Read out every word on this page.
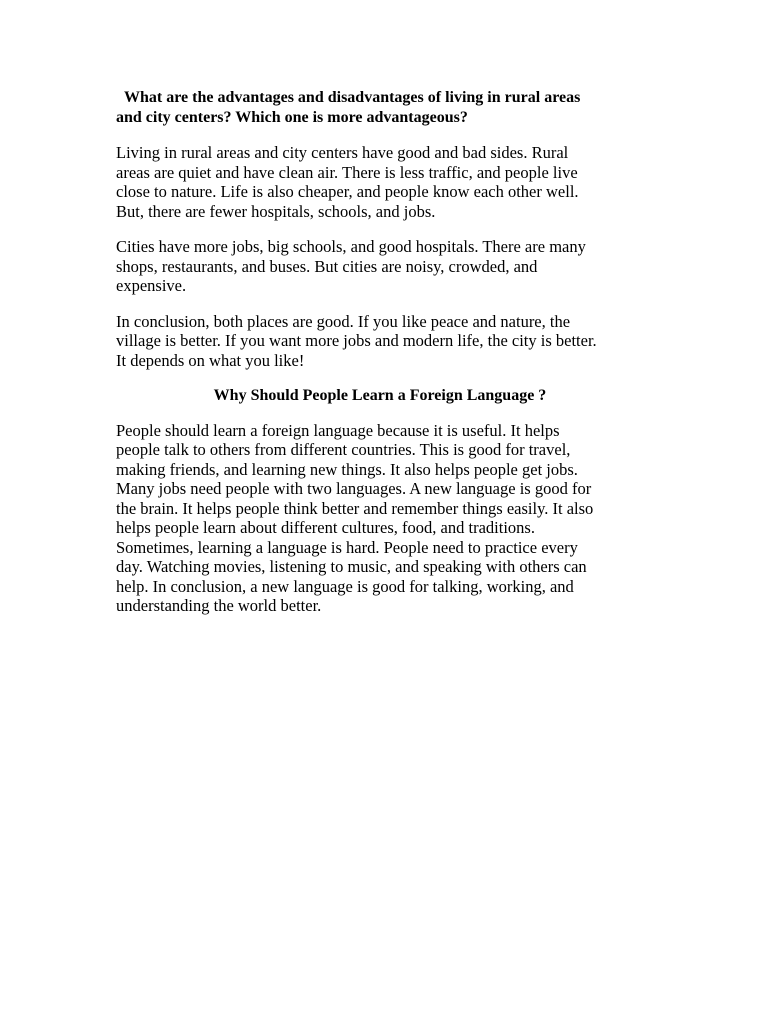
What are the advantages and disadvantages of living in rural areas
and city centers? Which one is more advantageous?

Living in rural areas and city centers have good and bad sides. Rural
areas are quiet and have clean air. There is less traffic, and people live
close to nature. Life is also cheaper, and people know each other well.
But, there are fewer hospitals, schools, and jobs.

Cities have more jobs, big schools, and good hospitals. There are many
shops, restaurants, and buses. But cities are noisy, crowded, and
expensive.

In conclusion, both places are good. If you like peace and nature, the
village is better. If you want more jobs and modern life, the city is better.
It depends on what you like!

Why Should People Learn a Foreign Language ?

People should learn a foreign language because it is useful. It helps
people talk to others from different countries. This is good for travel,
making friends, and learning new things. It also helps people get jobs.
Many jobs need people with two languages. A new language is good for
the brain. It helps people think better and remember things easily. It also
helps people learn about different cultures, food, and traditions.
Sometimes, learning a language is hard. People need to practice every
day. Watching movies, listening to music, and speaking with others can
help. In conclusion, a new language is good for talking, working, and
understanding the world better.
